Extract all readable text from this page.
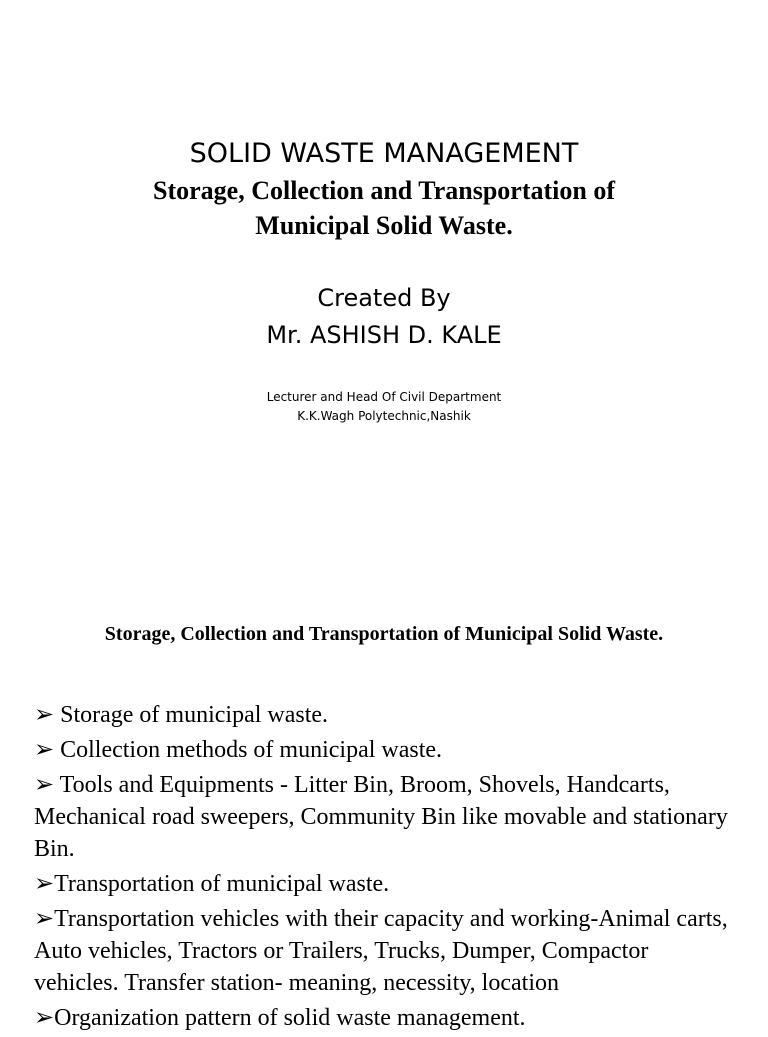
SOLID WASTE MANAGEMENT
Storage, Collection and Transportation of
Municipal Solid Waste.
Created By
Mr. ASHISH D. KALE
Lecturer and Head Of Civil Department
K.K.Wagh Polytechnic,Nashik
Storage, Collection and Transportation of Municipal Solid Waste.
➢ Storage of municipal waste.
➢ Collection methods of municipal waste.
➢ Tools and Equipments - Litter Bin, Broom, Shovels, Handcarts, Mechanical road sweepers, Community Bin like movable and stationary Bin.
➢Transportation of municipal waste.
➢Transportation vehicles with their capacity and working-Animal carts, Auto vehicles, Tractors or Trailers, Trucks, Dumper, Compactor vehicles. Transfer station- meaning, necessity, location
➢Organization pattern of solid waste management.
